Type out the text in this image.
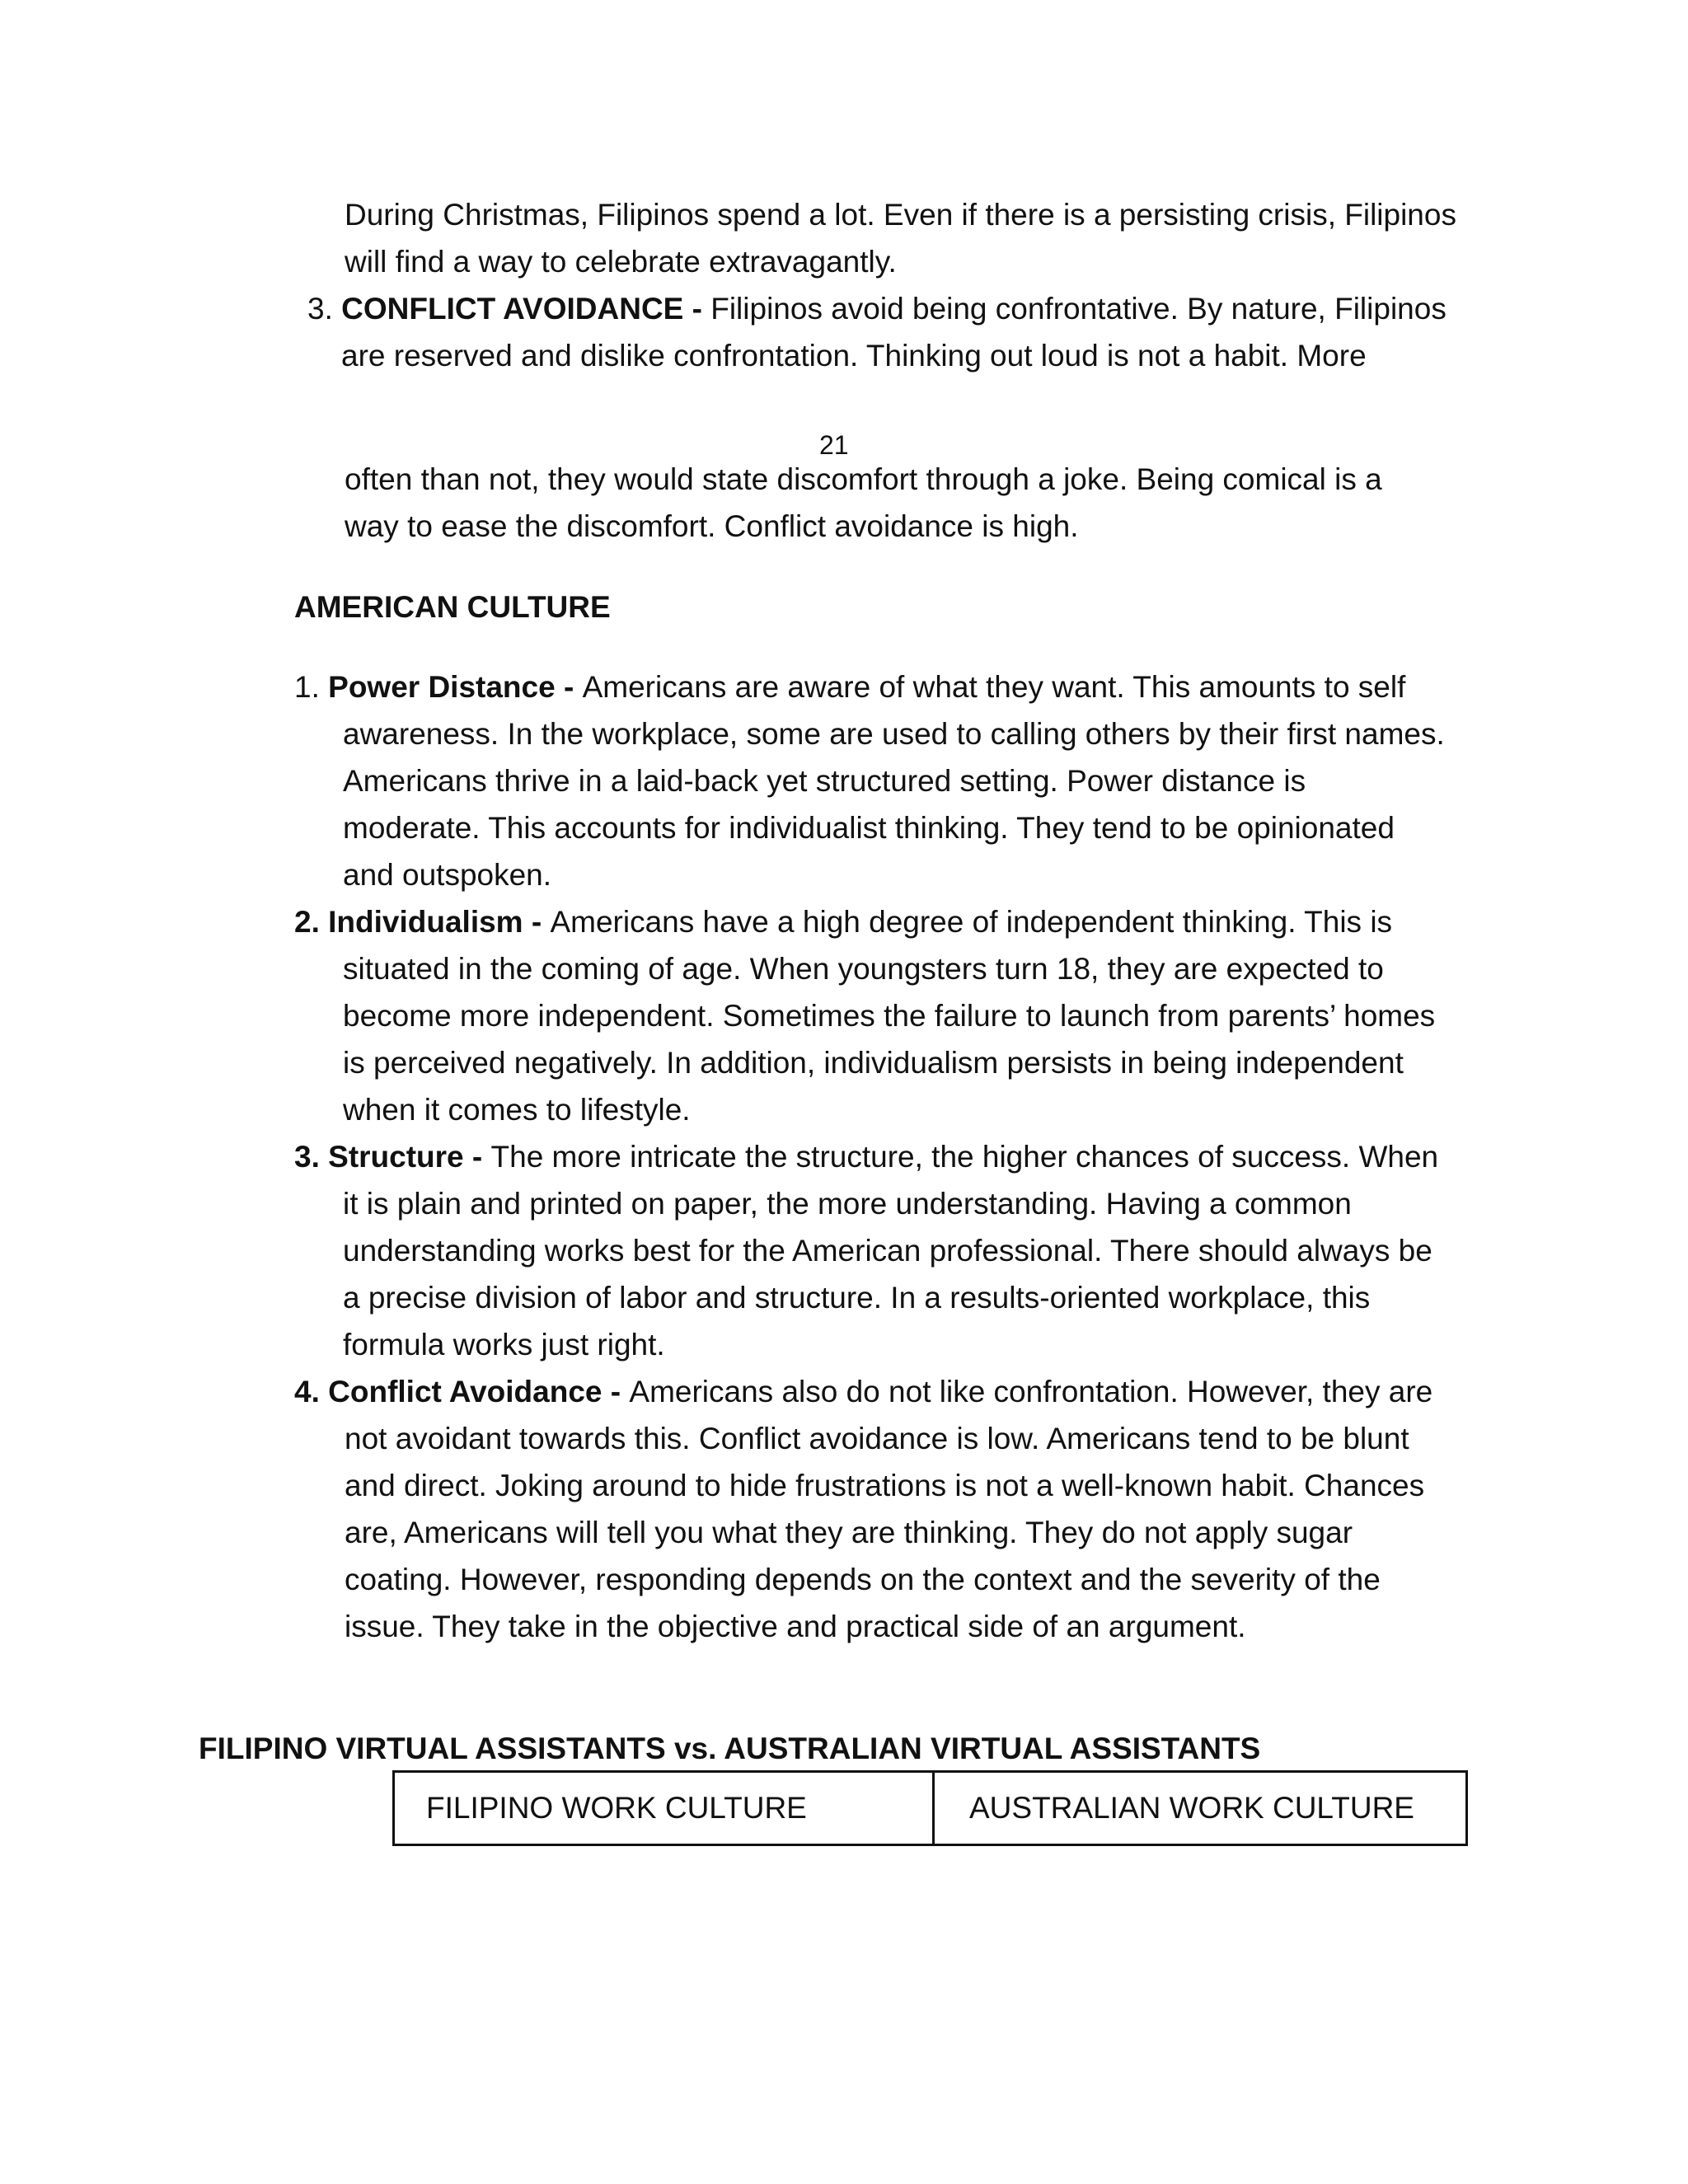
During Christmas, Filipinos spend a lot. Even if there is a persisting crisis, Filipinos
will find a way to celebrate extravagantly.
3. CONFLICT AVOIDANCE - Filipinos avoid being confrontative. By nature, Filipinos
are reserved and dislike confrontation. Thinking out loud is not a habit. More
21
often than not, they would state discomfort through a joke. Being comical is a
way to ease the discomfort. Conflict avoidance is high.
AMERICAN CULTURE
1. Power Distance - Americans are aware of what they want. This amounts to self
awareness. In the workplace, some are used to calling others by their first names.
Americans thrive in a laid-back yet structured setting. Power distance is
moderate. This accounts for individualist thinking. They tend to be opinionated
and outspoken.
2. Individualism - Americans have a high degree of independent thinking. This is
situated in the coming of age. When youngsters turn 18, they are expected to
become more independent. Sometimes the failure to launch from parents’ homes
is perceived negatively. In addition, individualism persists in being independent
when it comes to lifestyle.
3. Structure - The more intricate the structure, the higher chances of success. When
it is plain and printed on paper, the more understanding. Having a common
understanding works best for the American professional. There should always be
a precise division of labor and structure. In a results-oriented workplace, this
formula works just right.
4. Conflict Avoidance - Americans also do not like confrontation. However, they are
not avoidant towards this. Conflict avoidance is low. Americans tend to be blunt
and direct. Joking around to hide frustrations is not a well-known habit. Chances
are, Americans will tell you what they are thinking. They do not apply sugar
coating. However, responding depends on the context and the severity of the
issue. They take in the objective and practical side of an argument.
FILIPINO VIRTUAL ASSISTANTS vs. AUSTRALIAN VIRTUAL ASSISTANTS
FILIPINO WORK CULTURE	AUSTRALIAN WORK CULTURE
